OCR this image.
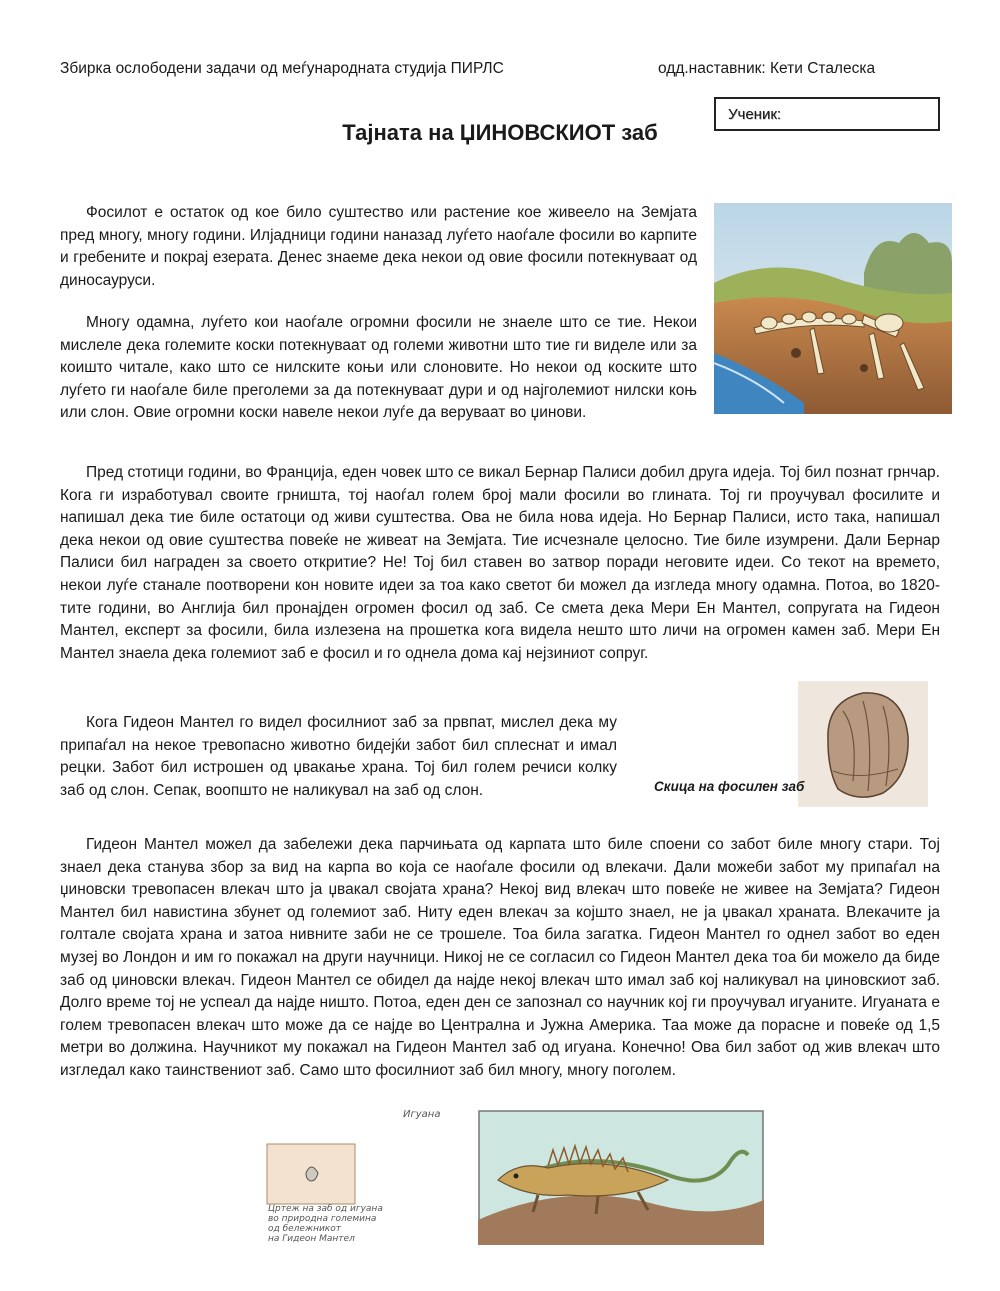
Збирка ослободени задачи од меѓународната студија ПИРЛС	одд.наставник: Кети Сталеска
Ученик:
Тајната на ЏИНОВСКИОТ заб

Фосилот е остаток од кое било суштество или растение кое живеело на Земјата пред многу, многу години. Илјадници години наназад луѓето наоѓале фосили во карпите и гребените и покрај езерата. Денес знаеме дека некои од овие фосили потекнуваат од диносауруси.

Многу одамна, луѓето кои наоѓале огромни фосили не знаеле што се тие. Некои мислеле дека големите коски потекнуваат од големи животни што тие ги виделе или за коишто читале, како што се нилските коњи или слоновите. Но некои од коските што луѓето ги наоѓале биле преголеми за да потекнуваат дури и од најголемиот нилски коњ или слон. Овие огромни коски навеле некои луѓе да веруваат во џинови.

Пред стотици години, во Франција, еден човек што се викал Бернар Палиси добил друга идеја. Тој бил познат грнчар. Кога ги изработувал своите грништа, тој наоѓал голем број мали фосили во глината. Тој ги проучувал фосилите и напишал дека тие биле остатоци од живи суштества. Ова не била нова идеја. Но Бернар Палиси, исто така, напишал дека некои од овие суштества повеќе не живеат на Земјата. Тие исчезнале целосно. Тие биле изумрени. Дали Бернар Палиси бил награден за своето откритие? Не! Тој бил ставен во затвор поради неговите идеи. Со текот на времето, некои луѓе станале поотворени кон новите идеи за тоа како светот би можел да изгледа многу одамна. Потоа, во 1820-тите години, во Англија бил пронајден огромен фосил од заб. Се смета дека Мери Ен Мантел, сопругата на Гидеон Мантел, експерт за фосили, била излезена на прошетка кога видела нешто што личи на огромен камен заб. Мери Ен Мантел знаела дека големиот заб е фосил и го однела дома кај нејзиниот сопруг.

Кога Гидеон Мантел го видел фосилниот заб за првпат, мислел дека му припаѓал на некое тревопасно животно бидејќи забот бил сплеснат и имал рецки. Забот бил истрошен од џвакање храна. Тој бил голем речиси колку заб од слон. Сепак, воопшто не наликувал на заб од слон.	Скица на фосилен заб

Гидеон Мантел можел да забележи дека парчињата од карпата што биле споени со забот биле многу стари. Тој знаел дека станува збор за вид на карпа во која се наоѓале фосили од влекачи. Дали можеби забот му припаѓал на џиновски тревопасен влекач што ја џвакал својата храна? Некој вид влекач што повеќе не живее на Земјата? Гидеон Мантел бил навистина збунет од големиот заб. Ниту еден влекач за којшто знаел, не ја џвакал храната. Влекачите ја голтале својата храна и затоа нивните заби не се трошеле. Тоа била загатка. Гидеон Мантел го однел забот во еден музеј во Лондон и им го покажал на други научници. Никој не се согласил со Гидеон Мантел дека тоа би можело да биде заб од џиновски влекач. Гидеон Мантел се обидел да најде некој влекач што имал заб кој наликувал на џиновскиот заб. Долго време тој не успеал да најде ништо. Потоа, еден ден се запознал со научник кој ги проучувал игуаните. Игуаната е голем тревопасен влекач што може да се најде во Централна и Јужна Америка. Таа може да порасне и повеќе од 1,5 метри во должина. Научникот му покажал на Гидеон Мантел заб од игуана. Конечно! Ова бил забот од жив влекач што изгледал како таинствениот заб. Само што фосилниот заб бил многу, многу поголем.

Цртеж на заб од игуана
во природна големина
од бележникот
на Гидеон Мантел
Игуана
